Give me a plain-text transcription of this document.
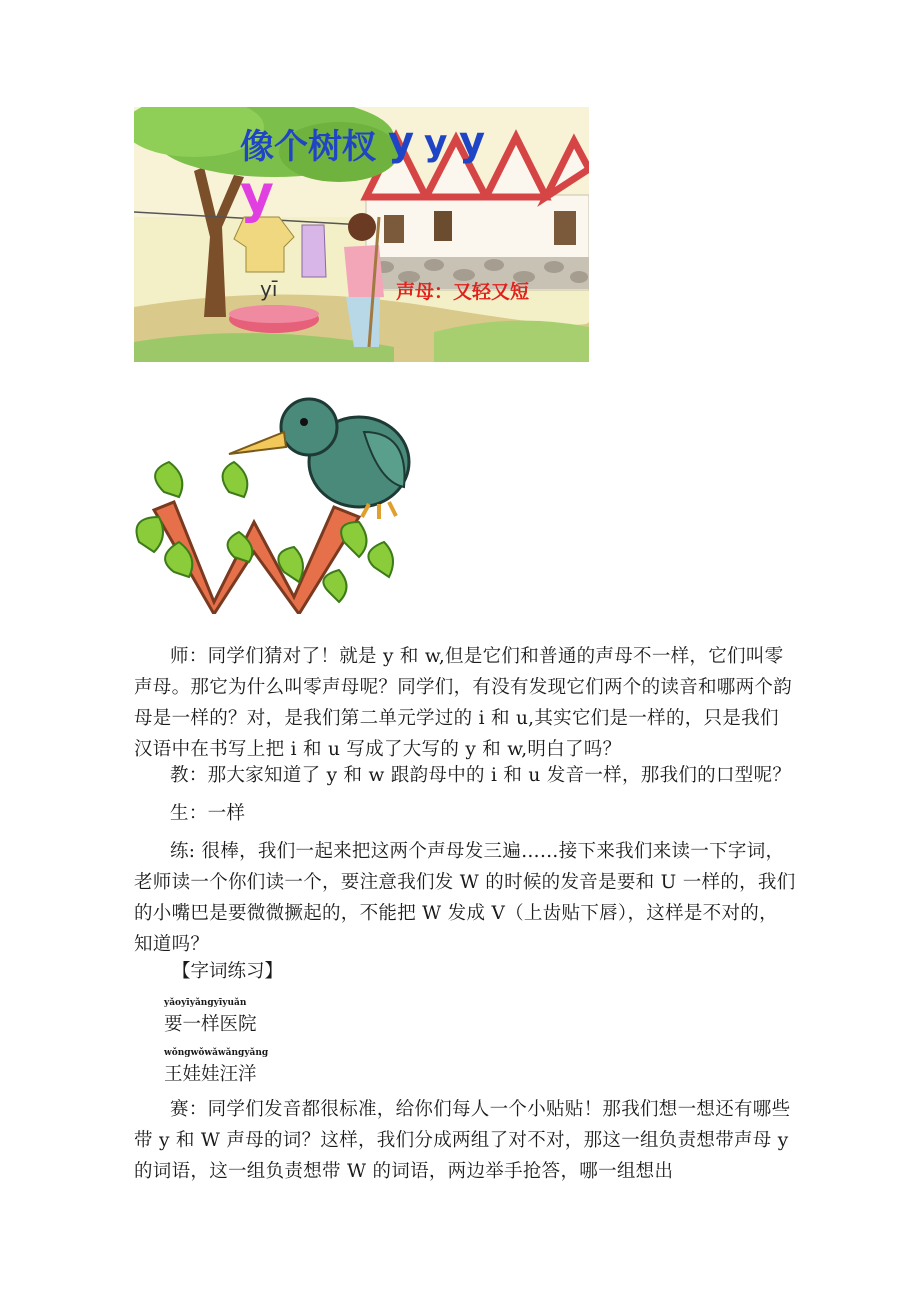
像个树杈 y y y
y
yī	声母：又轻又短

师：同学们猜对了！就是 y 和 w,但是它们和普通的声母不一样，它们叫零声母。那它为什么叫零声母呢？同学们，有没有发现它们两个的读音和哪两个韵母是一样的？对，是我们第二单元学过的 i 和 u,其实它们是一样的，只是我们汉语中在书写上把 i 和 u 写成了大写的 y 和 w,明白了吗？

教：那大家知道了 y 和 w 跟韵母中的 i 和 u 发音一样，那我们的口型呢？

生：一样

练: 很棒，我们一起来把这两个声母发三遍……接下来我们来读一下字词，老师读一个你们读一个，要注意我们发 W 的时候的发音是要和 U 一样的，我们的小嘴巴是要微微撅起的，不能把 W 发成 V（上齿贴下唇），这样是不对的，知道吗？

【字词练习】

yǎoyīyǎngyīyuǎn

要一样医院

wǒngwǒwǎwǎngyǎng

王娃娃汪洋

赛：同学们发音都很标准，给你们每人一个小贴贴！那我们想一想还有哪些带 y 和 W 声母的词？这样，我们分成两组了对不对，那这一组负责想带声母 y 的词语，这一组负责想带 W 的词语，两边举手抢答，哪一组想出
